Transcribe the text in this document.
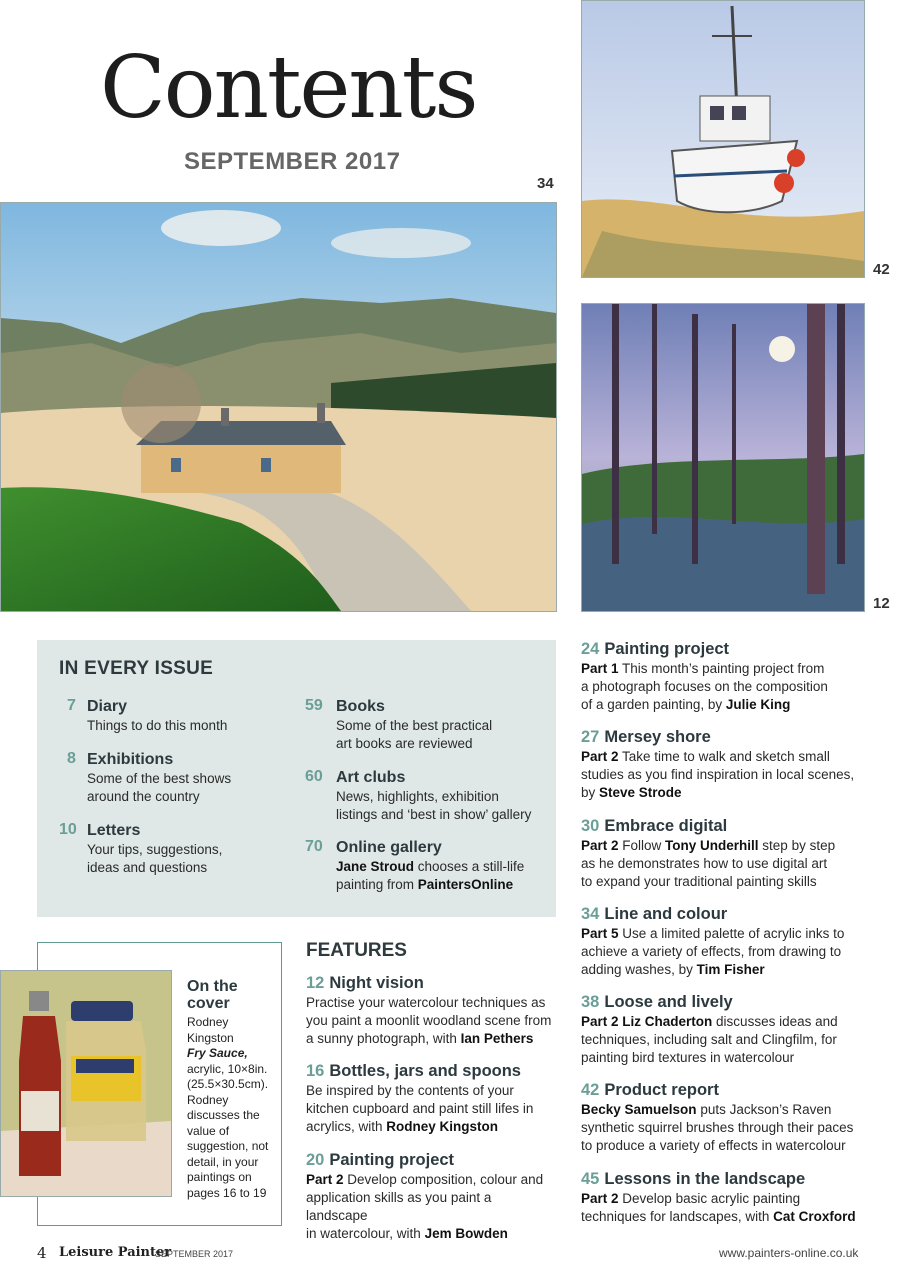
Contents
SEPTEMBER 2017
34
42
12
IN EVERY ISSUE
7 Diary
Things to do this month
8 Exhibitions
Some of the best shows
around the country
10 Letters
Your tips, suggestions,
ideas and questions
59 Books
Some of the best practical
art books are reviewed
60 Art clubs
News, highlights, exhibition
listings and ‘best in show’ gallery
70 Online gallery
Jane Stroud chooses a still-life
painting from PaintersOnline
On the
cover
Rodney Kingston
Fry Sauce,
acrylic, 10×8in. (25.5×30.5cm).
Rodney discusses the value of suggestion, not detail, in your paintings on pages 16 to 19
FEATURES
12 Night vision
Practise your watercolour techniques as
you paint a moonlit woodland scene from
a sunny photograph, with Ian Pethers
16 Bottles, jars and spoons
Be inspired by the contents of your
kitchen cupboard and paint still lifes in
acrylics, with Rodney Kingston
20 Painting project
Part 2 Develop composition, colour and
application skills as you paint a landscape
in watercolour, with Jem Bowden
24 Painting project
Part 1 This month’s painting project from
a photograph focuses on the composition
of a garden painting, by Julie King
27 Mersey shore
Part 2 Take time to walk and sketch small
studies as you find inspiration in local scenes,
by Steve Strode
30 Embrace digital
Part 2 Follow Tony Underhill step by step
as he demonstrates how to use digital art
to expand your traditional painting skills
34 Line and colour
Part 5 Use a limited palette of acrylic inks to
achieve a variety of effects, from drawing to
adding washes, by Tim Fisher
38 Loose and lively
Part 2 Liz Chaderton discusses ideas and
techniques, including salt and Clingfilm, for
painting bird textures in watercolour
42 Product report
Becky Samuelson puts Jackson’s Raven
synthetic squirrel brushes through their paces
to produce a variety of effects in watercolour
45 Lessons in the landscape
Part 2 Develop basic acrylic painting
techniques for landscapes, with Cat Croxford
4 Leisure Painter
SEPTEMBER 2017	www.painters-online.co.uk
